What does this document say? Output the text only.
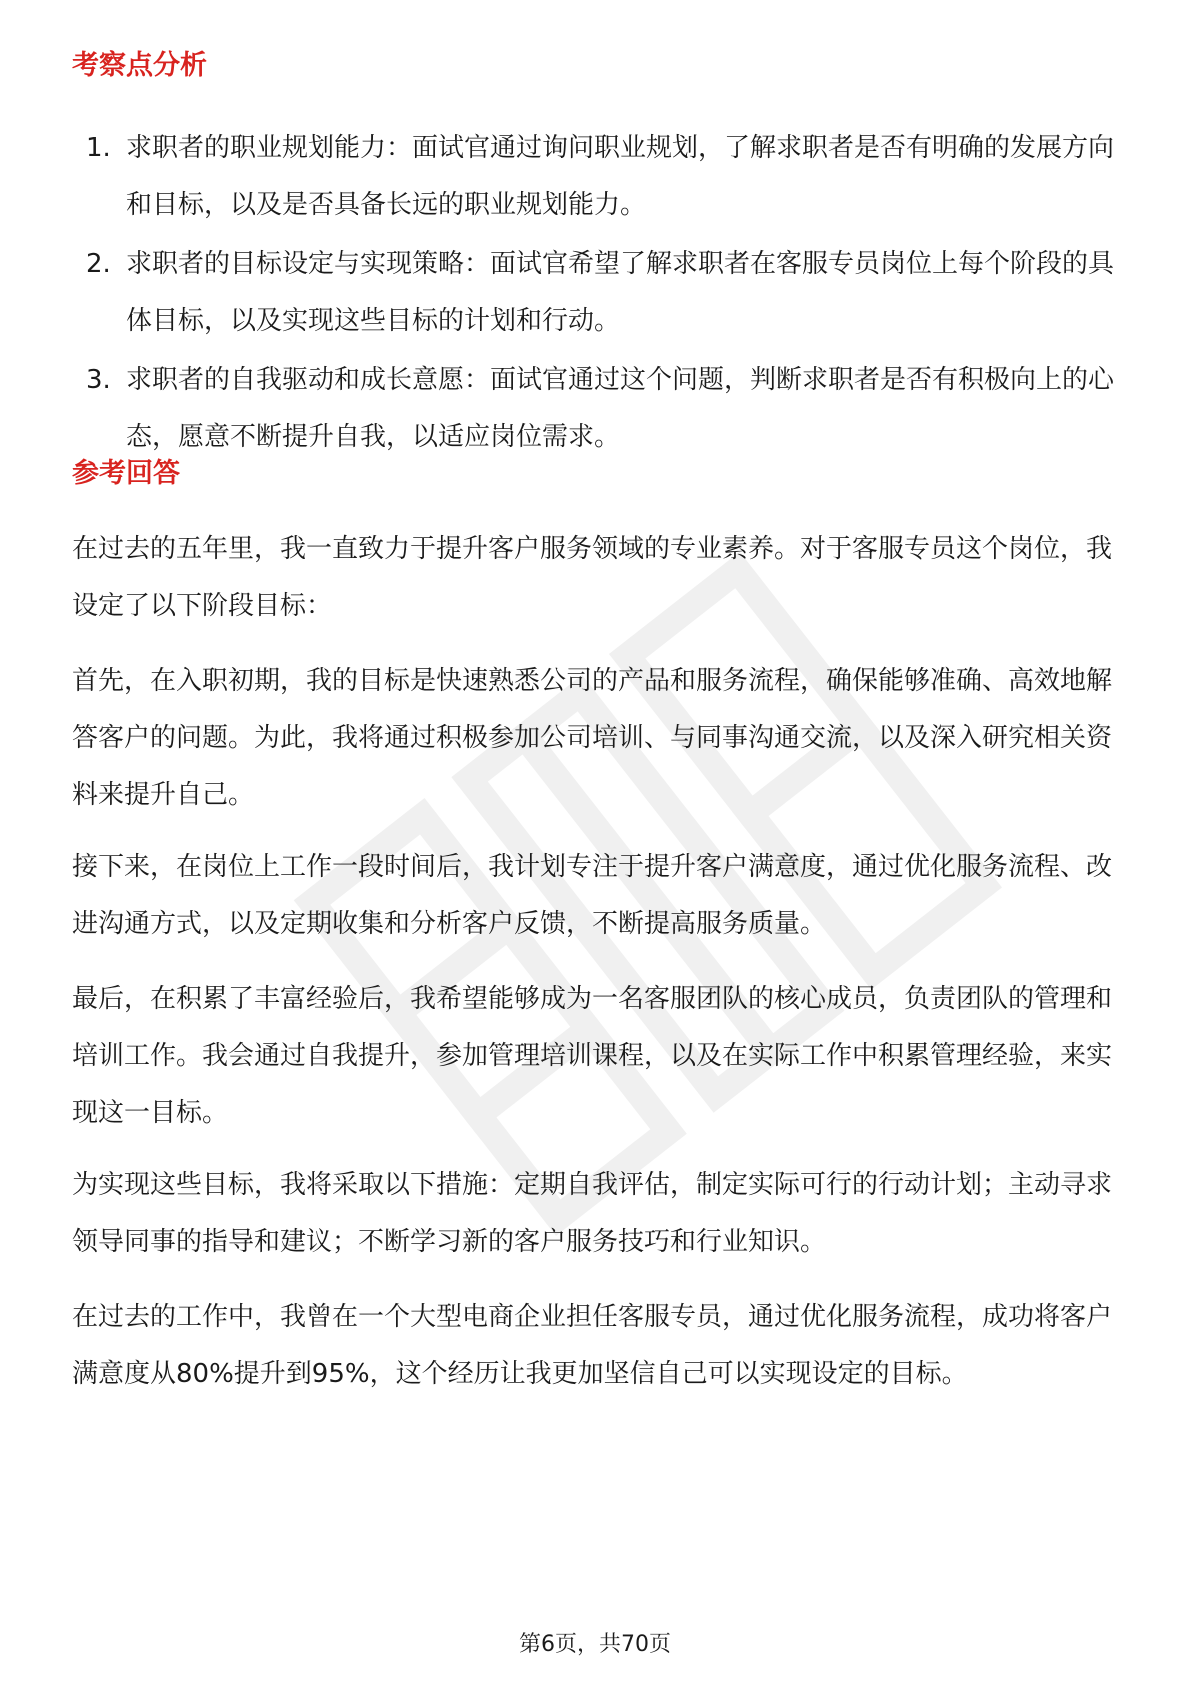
考察点分析
1. 求职者的职业规划能力：面试官通过询问职业规划，了解求职者是否有明确的发展方向和目标，以及是否具备长远的职业规划能力。
2. 求职者的目标设定与实现策略：面试官希望了解求职者在客服专员岗位上每个阶段的具体目标，以及实现这些目标的计划和行动。
3. 求职者的自我驱动和成长意愿：面试官通过这个问题，判断求职者是否有积极向上的心态，愿意不断提升自我，以适应岗位需求。
参考回答

在过去的五年里，我一直致力于提升客户服务领域的专业素养。对于客服专员这个岗位，我设定了以下阶段目标：

首先，在入职初期，我的目标是快速熟悉公司的产品和服务流程，确保能够准确、高效地解答客户的问题。为此，我将通过积极参加公司培训、与同事沟通交流，以及深入研究相关资料来提升自己。

接下来，在岗位上工作一段时间后，我计划专注于提升客户满意度，通过优化服务流程、改进沟通方式，以及定期收集和分析客户反馈，不断提高服务质量。

最后，在积累了丰富经验后，我希望能够成为一名客服团队的核心成员，负责团队的管理和培训工作。我会通过自我提升，参加管理培训课程，以及在实际工作中积累管理经验，来实现这一目标。

为实现这些目标，我将采取以下措施：定期自我评估，制定实际可行的行动计划；主动寻求领导同事的指导和建议；不断学习新的客户服务技巧和行业知识。

在过去的工作中，我曾在一个大型电商企业担任客服专员，通过优化服务流程，成功将客户满意度从80%提升到95%，这个经历让我更加坚信自己可以实现设定的目标。

第6页，共70页
